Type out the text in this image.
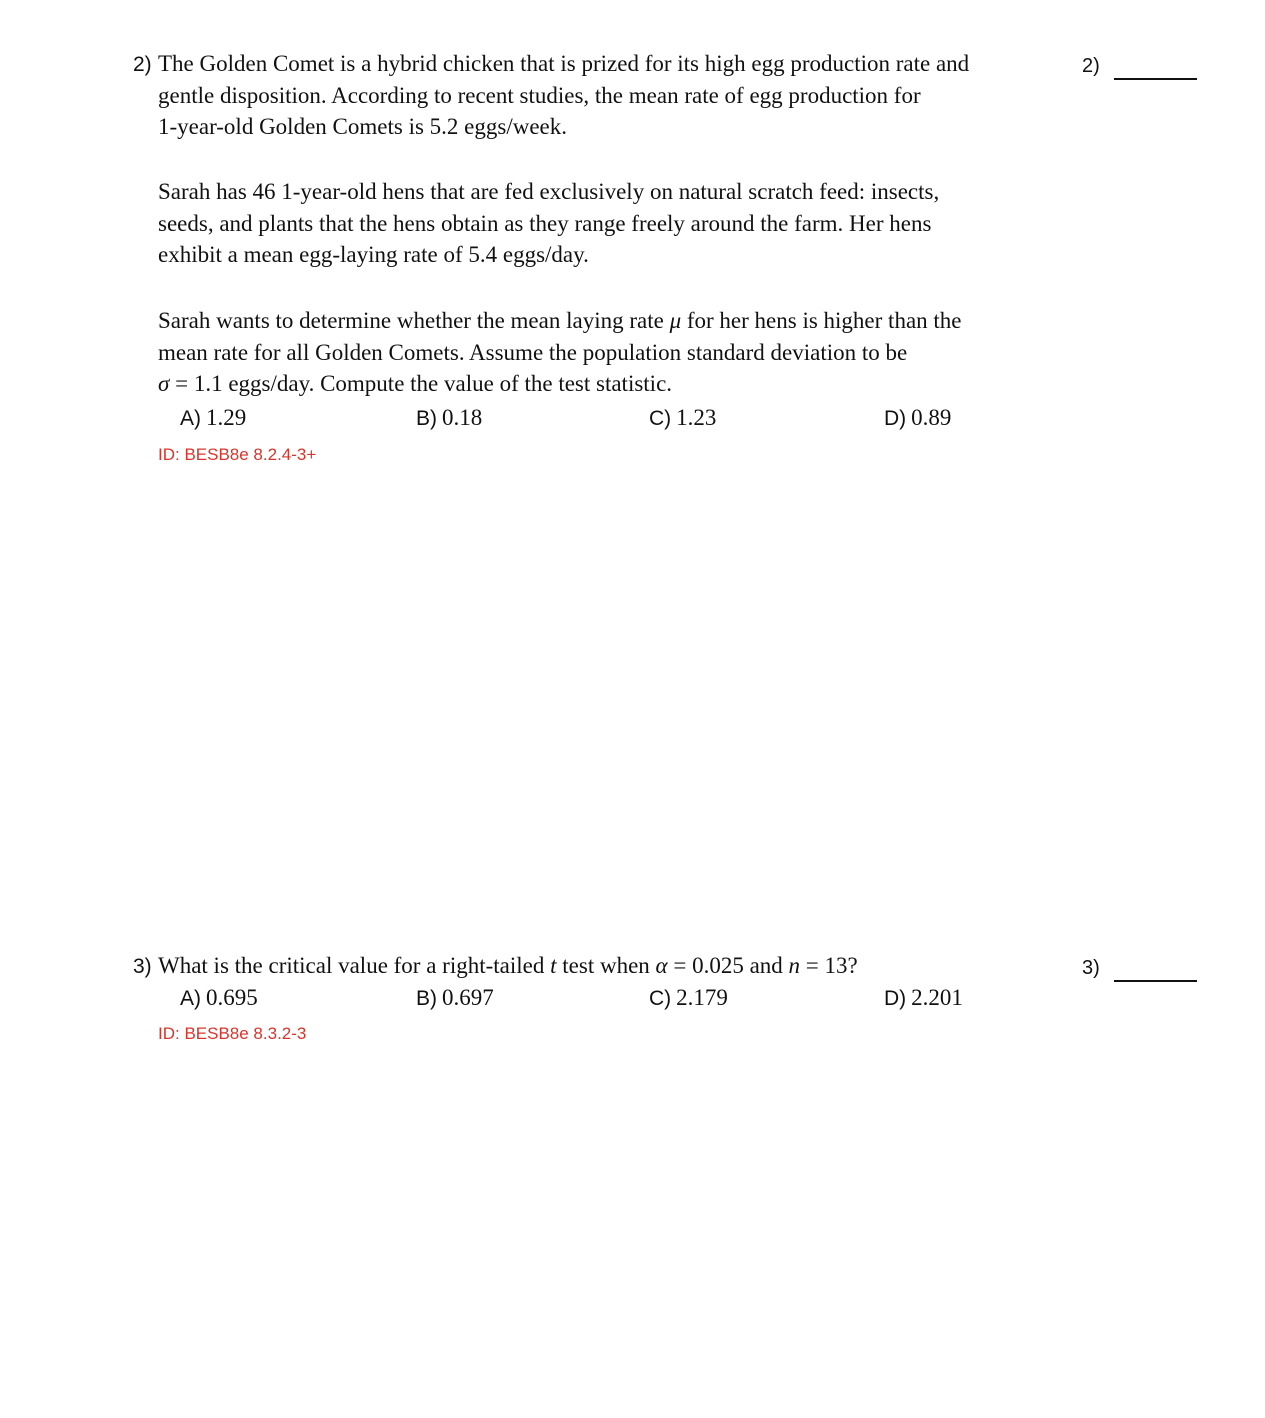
2) The Golden Comet is a hybrid chicken that is prized for its high egg production rate and
gentle disposition. According to recent studies, the mean rate of egg production for
1-year-old Golden Comets is 5.2 eggs/week.

Sarah has 46 1-year-old hens that are fed exclusively on natural scratch feed: insects,
seeds, and plants that the hens obtain as they range freely around the farm. Her hens
exhibit a mean egg-laying rate of 5.4 eggs/day.

Sarah wants to determine whether the mean laying rate μ for her hens is higher than the
mean rate for all Golden Comets. Assume the population standard deviation to be
σ = 1.1 eggs/day. Compute the value of the test statistic.

A) 1.29	B) 0.18	C) 1.23	D) 0.89
ID: BESB8e 8.2.4-3+
2)
3) What is the critical value for a right-tailed t test when α = 0.025 and n = 13?

A) 0.695	B) 0.697	C) 2.179	D) 2.201
ID: BESB8e 8.3.2-3
3)
